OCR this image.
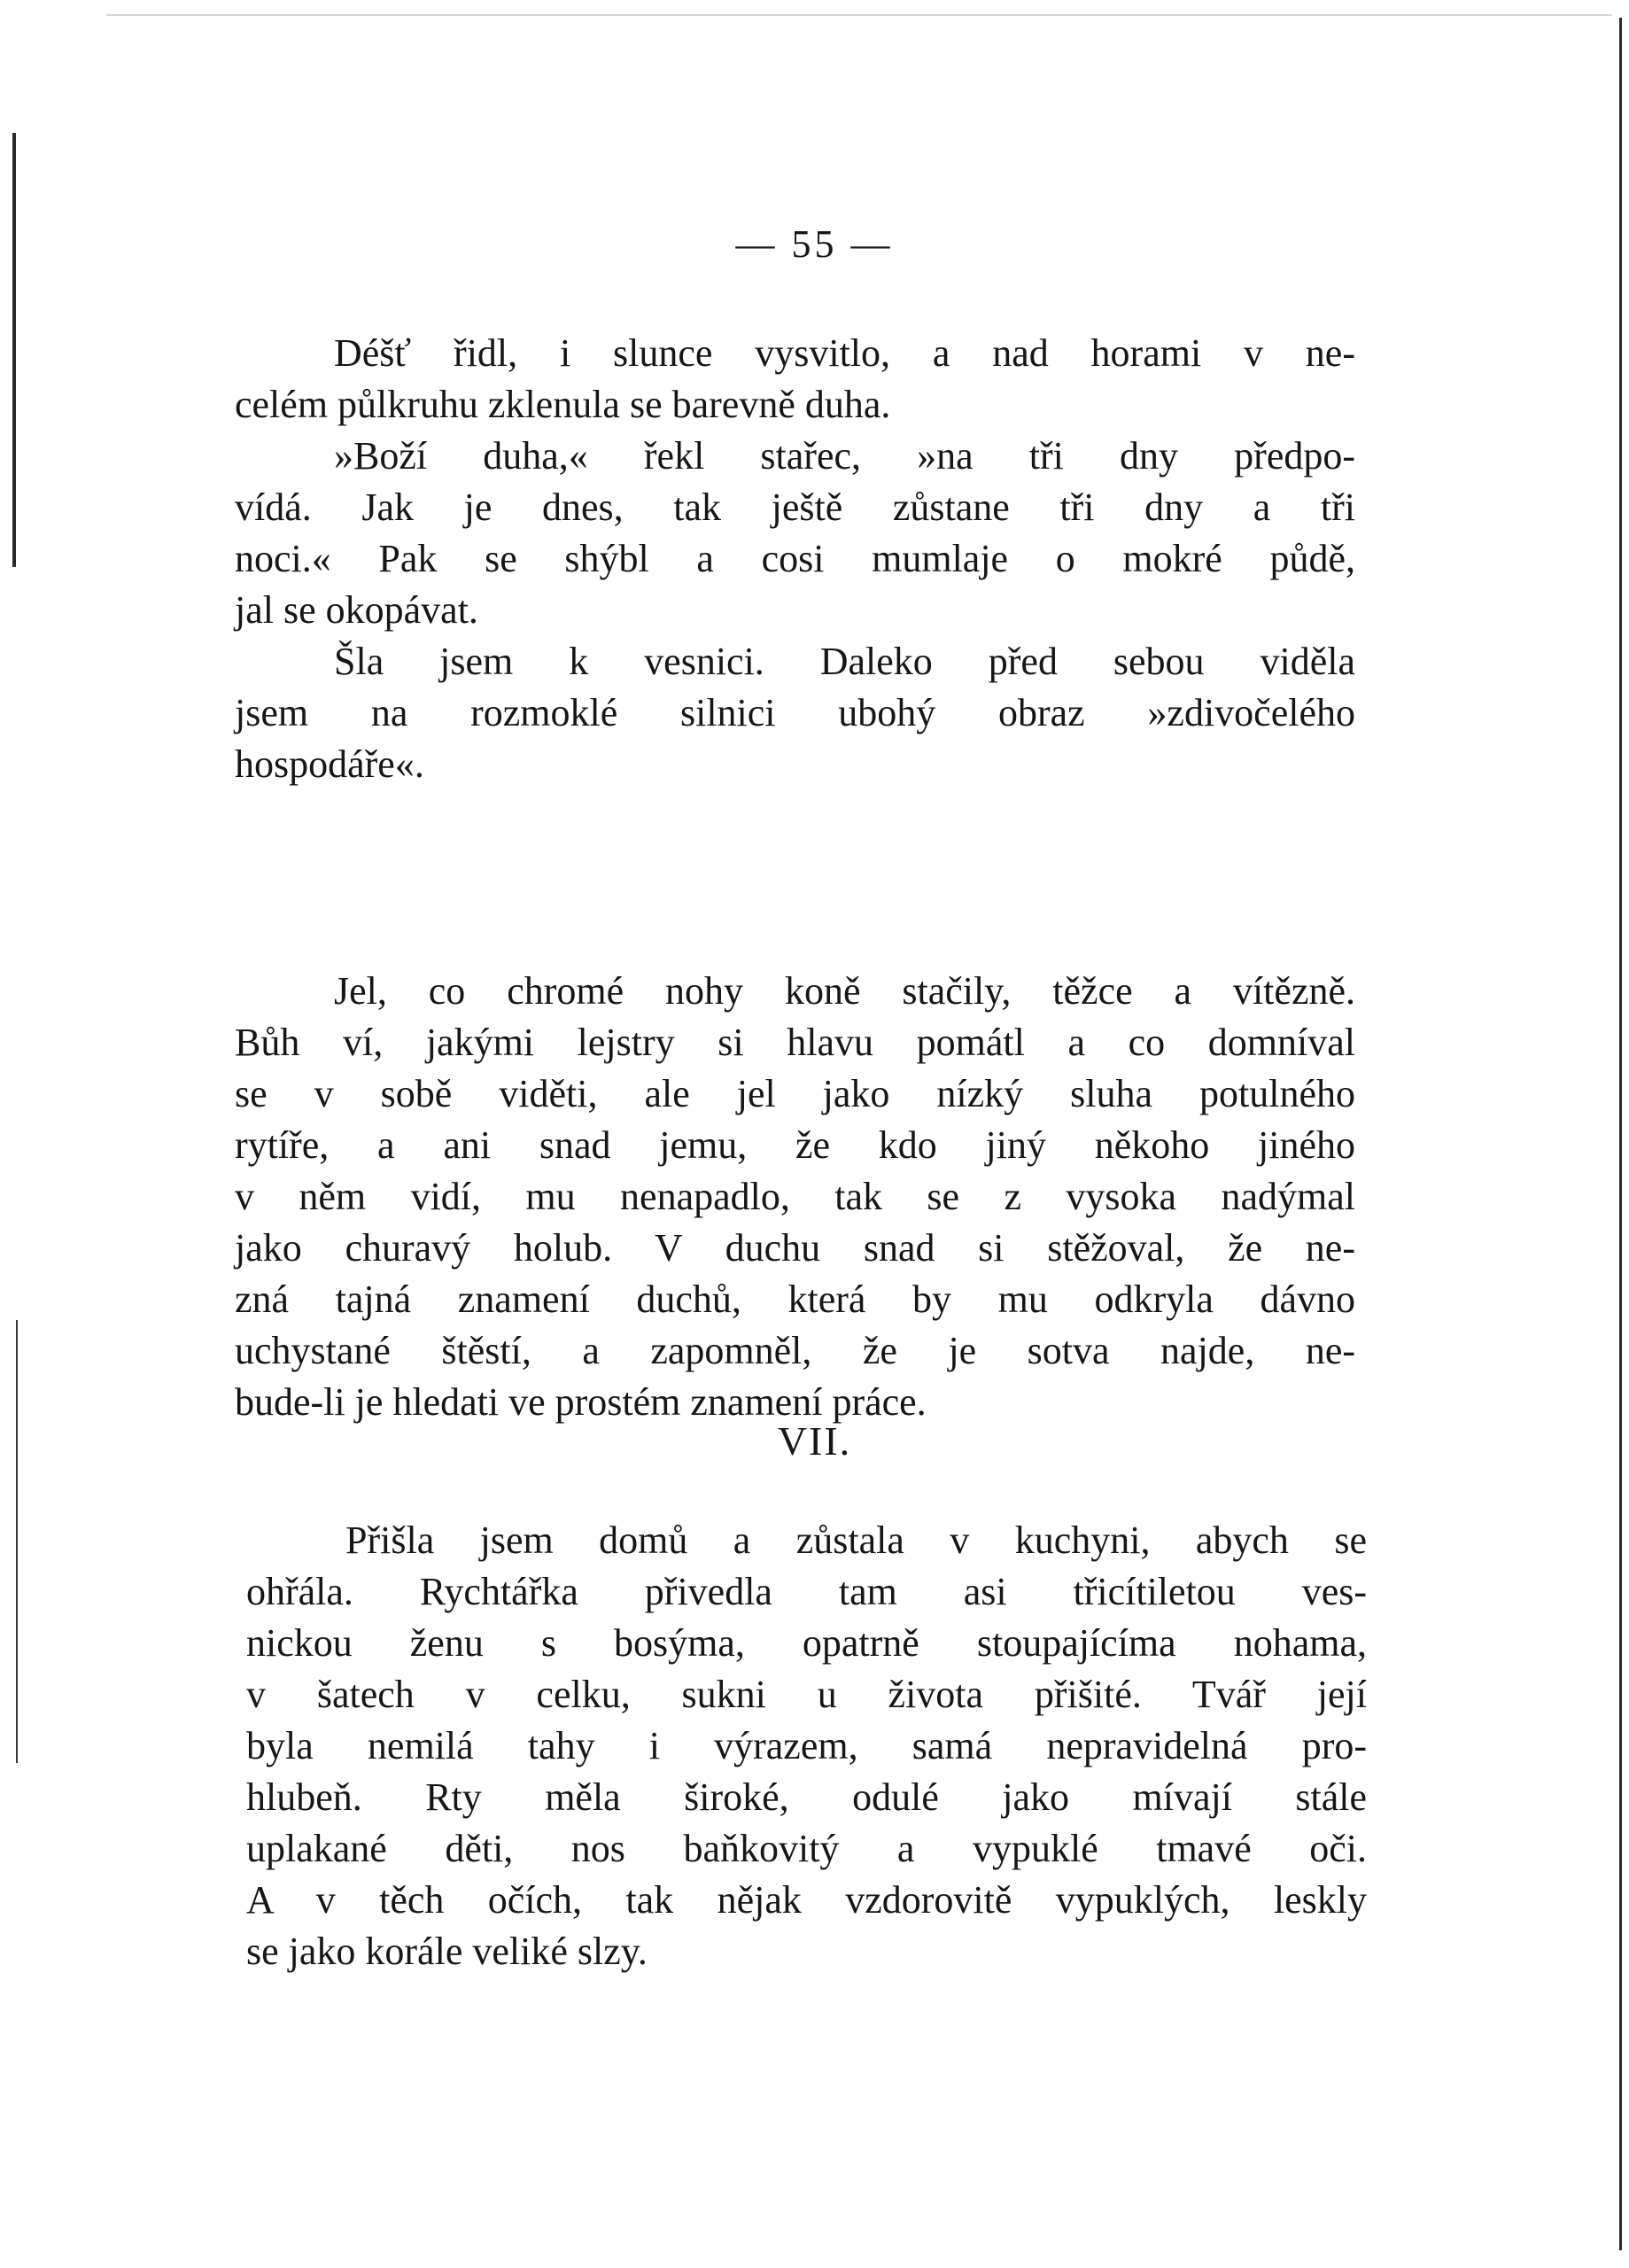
— 55 —
Déšť řidl, i slunce vysvitlo, a nad horami v ne-
celém půlkruhu zklenula se barevně duha.
»Boží duha,« řekl stařec, »na tři dny předpo-
vídá. Jak je dnes, tak ještě zůstane tři dny a tři
noci.« Pak se shýbl a cosi mumlaje o mokré půdě,
jal se okopávat.
Šla jsem k vesnici. Daleko před sebou viděla
jsem na rozmoklé silnici ubohý obraz »zdivočelého
hospodáře«.
Jel, co chromé nohy koně stačily, těžce a vítězně.
Bůh ví, jakými lejstry si hlavu pomátl a co domníval
se v sobě viděti, ale jel jako nízký sluha potulného
rytíře, a ani snad jemu, že kdo jiný někoho jiného
v něm vidí, mu nenapadlo, tak se z vysoka nadýmal
jako churavý holub. V duchu snad si stěžoval, že ne-
zná tajná znamení duchů, která by mu odkryla dávno
uchystané štěstí, a zapomněl, že je sotva najde, ne-
bude-li je hledati ve prostém znamení práce.
VII.
Přišla jsem domů a zůstala v kuchyni, abych se
ohřála. Rychtářka přivedla tam asi třicítiletou ves-
nickou ženu s bosýma, opatrně stoupajícíma nohama,
v šatech v celku, sukni u života přišité. Tvář její
byla nemilá tahy i výrazem, samá nepravidelná pro-
hlubeň. Rty měla široké, odulé jako mívají stále
uplakané děti, nos baňkovitý a vypuklé tmavé oči.
A v těch očích, tak nějak vzdorovitě vypuklých, leskly
se jako korále veliké slzy.
